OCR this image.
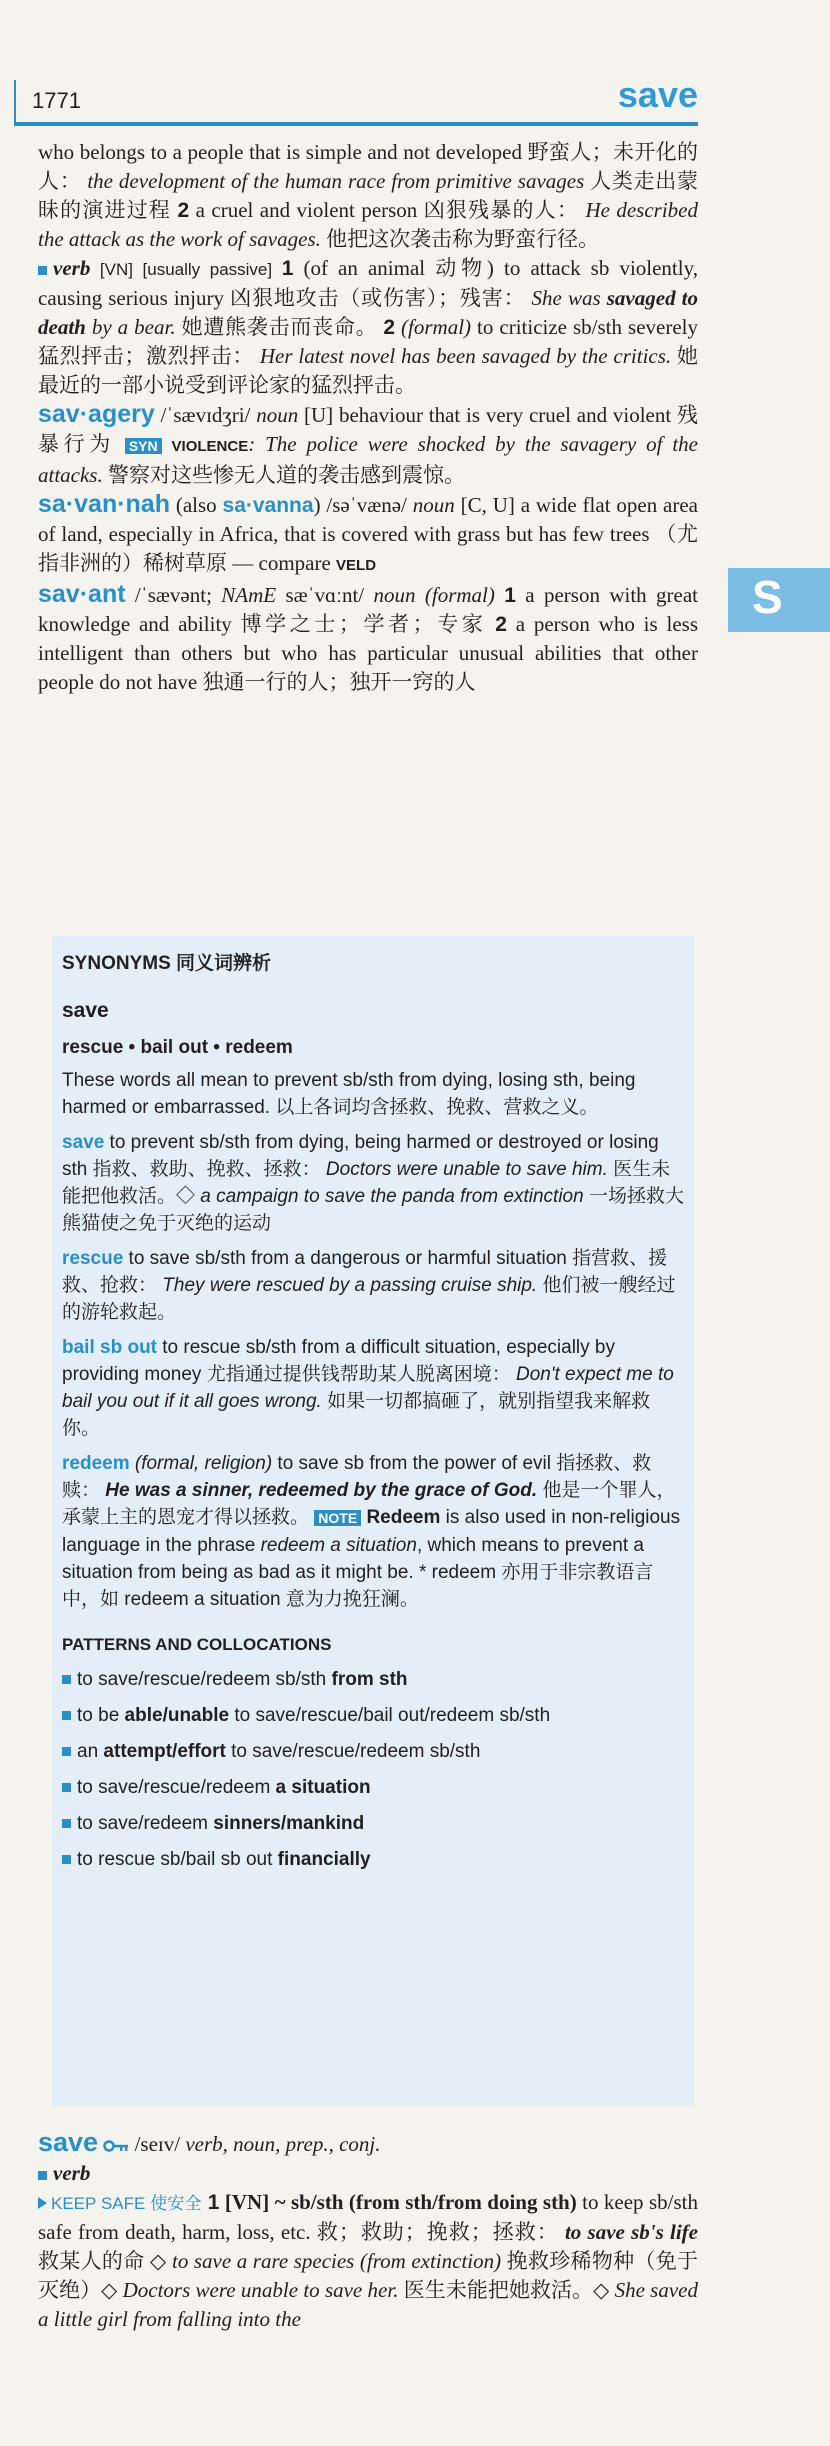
1771	save
S

who belongs to a people that is simple and not developed 野蛮人；未开化的人： the development of the human race from primitive savages 人类走出蒙昧的演进过程 2 a cruel and violent person 凶狠残暴的人： He described the attack as the work of savages. 他把这次袭击称为野蛮行径。

verb [VN] [usually passive] 1 (of an animal 动物) to attack sb violently, causing serious injury 凶狠地攻击（或伤害）；残害： She was savaged to death by a bear. 她遭熊袭击而丧命。 2 (formal) to criticize sb/sth severely 猛烈抨击；激烈抨击： Her latest novel has been savaged by the critics. 她最近的一部小说受到评论家的猛烈抨击。

sav·agery /ˈsævɪdʒri/ noun [U] behaviour that is very cruel and violent 残暴行为 SYN VIOLENCE: The police were shocked by the savagery of the attacks. 警察对这些惨无人道的袭击感到震惊。

sa·van·nah (also sa·vanna) /səˈvænə/ noun [C, U] a wide flat open area of land, especially in Africa, that is covered with grass but has few trees （尤指非洲的）稀树草原 — compare VELD

sav·ant /ˈsævənt; NAmE sæˈvɑːnt/ noun (formal) 1 a person with great knowledge and ability 博学之士；学者；专家 2 a person who is less intelligent than others but who has particular unusual abilities that other people do not have 独通一行的人；独开一窍的人

SYNONYMS 同义词辨析
save
rescue • bail out • redeem

These words all mean to prevent sb/sth from dying, losing sth, being harmed or embarrassed. 以上各词均含拯救、挽救、营救之义。

save to prevent sb/sth from dying, being harmed or destroyed or losing sth 指救、救助、挽救、拯救： Doctors were unable to save him. 医生未能把他救活。◇ a campaign to save the panda from extinction 一场拯救大熊猫使之免于灭绝的运动

rescue to save sb/sth from a dangerous or harmful situation 指营救、援救、抢救： They were rescued by a passing cruise ship. 他们被一艘经过的游轮救起。

bail sb out to rescue sb/sth from a difficult situation, especially by providing money 尤指通过提供钱帮助某人脱离困境： Don't expect me to bail you out if it all goes wrong. 如果一切都搞砸了，就别指望我来解救你。

redeem (formal, religion) to save sb from the power of evil 指拯救、救赎： He was a sinner, redeemed by the grace of God. 他是一个罪人，承蒙上主的恩宠才得以拯救。 NOTE Redeem is also used in non-religious language in the phrase redeem a situation, which means to prevent a situation from being as bad as it might be. * redeem 亦用于非宗教语言中，如 redeem a situation 意为力挽狂澜。

PATTERNS AND COLLOCATIONS

to save/rescue/redeem sb/sth from sth

to be able/unable to save/rescue/bail out/redeem sb/sth

an attempt/effort to save/rescue/redeem sb/sth

to save/rescue/redeem a situation

to save/redeem sinners/mankind

to rescue sb/bail sb out financially

save  /seɪv/ verb, noun, prep., conj.

verb

KEEP SAFE 使安全 1 [VN] ~ sb/sth (from sth/from doing sth) to keep sb/sth safe from death, harm, loss, etc. 救；救助；挽救；拯救： to save sb's life 救某人的命 ◇ to save a rare species (from extinction) 挽救珍稀物种（免于灭绝）◇ Doctors were unable to save her. 医生未能把她救活。◇ She saved a little girl from falling into the
